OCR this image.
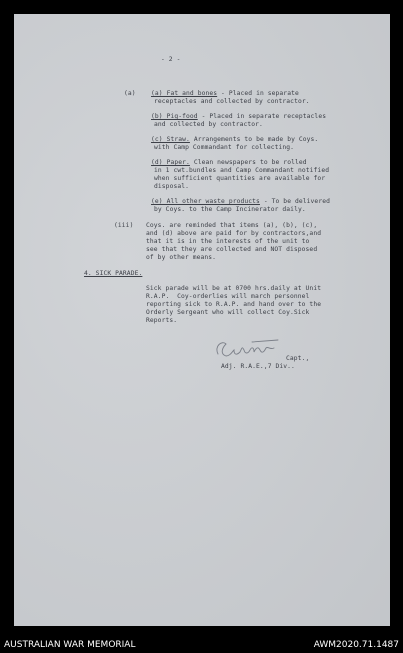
- 2 -
(a) (a) Fat and bones - Placed in separate
receptacles and collected by contractor.
(b) Pig-food - Placed in separate receptacles
and collected by contractor.
(c) Straw. Arrangements to be made by Coys.
with Camp Commandant for collecting.
(d) Paper. Clean newspapers to be rolled
in 1 cwt.bundles and Camp Commandant notified
when sufficient quantities are available for
disposal.
(e) All other waste products - To be delivered
by Coys. to the Camp Incinerator daily.
(iii) Coys. are reminded that items (a), (b), (c),
and (d) above are paid for by contractors,and
that it is in the interests of the unit to
see that they are collected and NOT disposed
of by other means.
4. SICK PARADE.
Sick parade will be at 0700 hrs.daily at Unit
R.A.P.  Coy-orderlies will march personnel
reporting sick to R.A.P. and hand over to the
Orderly Sergeant who will collect Coy.Sick
Reports.
Capt.,
Adj. R.A.E.,7 Div..
AUSTRALIAN WAR MEMORIAL	AWM2020.71.1487
